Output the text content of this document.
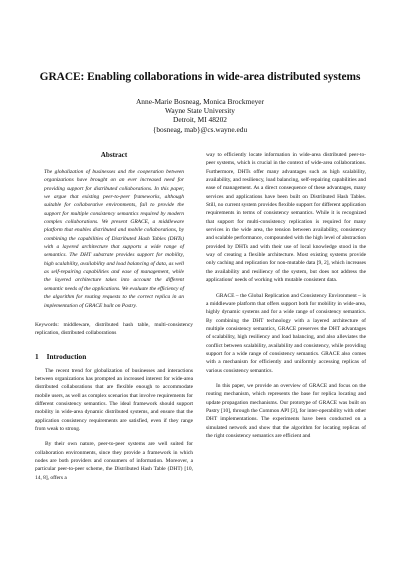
GRACE: Enabling collaborations in wide-area distributed systems
Anne-Marie Bosneag, Monica Brockmeyer
Wayne State University
Detroit, MI 48202
{bosneag, mab}@cs.wayne.edu
Abstract
The globalization of businesses and the cooperation between organizations have brought on an ever increased need for providing support for distributed collaborations. In this paper, we argue that existing peer-to-peer frameworks, although suitable for collaborative environments, fail to provide the support for multiple consistency semantics required by modern complex collaborations. We present GRACE, a middleware platform that enables distributed and mobile collaborations, by combining the capabilities of Distributed Hash Tables (DHTs) with a layered architecture that supports a wide range of semantics. The DHT substrate provides support for mobility, high scalability, availability and load balancing of data, as well as self-repairing capabilities and ease of management, while the layered architecture takes into account the different semantic needs of the applications. We evaluate the efficiency of the algorithm for routing requests to the correct replica in an implementation of GRACE built on Pastry.
Keywords: middleware, distributed hash table, multi-consistency replication, distributed collaborations
1 Introduction

The recent trend for globalization of businesses and interactions between organizations has prompted an increased interest for wide-area distributed collaborations that are flexible enough to accommodate mobile users, as well as complex scenarios that involve requirements for different consistency semantics. The ideal framework should support mobility in wide-area dynamic distributed systems, and ensure that the application consistency requirements are satisfied, even if they range from weak to strong.

By their own nature, peer-to-peer systems are well suited for collaboration environments, since they provide a framework in which nodes are both providers and consumers of information. Moreover, a particular peer-to-peer scheme, the Distributed Hash Table (DHT) [10, 14, 8], offers a

way to efficiently locate information in wide-area distributed peer-to-peer systems, which is crucial in the context of wide-area collaborations. Furthermore, DHTs offer many advantages such as high scalability, availability, and resiliency, load balancing, self-repairing capabilities and ease of management. As a direct consequence of these advantages, many services and applications have been built on Distributed Hash Tables. Still, no current system provides flexible support for different application requirements in terms of consistency semantics. While it is recognized that support for multi-consistency replication is required for many services in the wide area, the tension between availability, consistency and scalable performance, compounded with the high level of abstraction provided by DHTs and with their use of local knowledge stood in the way of creating a flexible architecture. Most existing systems provide only caching and replication for non-mutable data [9, 2], which increases the availability and resiliency of the system, but does not address the applications' needs of working with mutable consistent data.

GRACE – the Global Replication and Consistency Environment – is a middleware platform that offers support both for mobility in wide-area, highly dynamic systems and for a wide range of consistency semantics. By combining the DHT technology with a layered architecture of multiple consistency semantics, GRACE preserves the DHT advantages of scalability, high resiliency and load balancing, and also alleviates the conflict between scalability, availability and consistency, while providing support for a wide range of consistency semantics. GRACE also comes with a mechanism for efficiently and uniformly accessing replicas of various consistency semantics.

In this paper, we provide an overview of GRACE and focus on the routing mechanism, which represents the base for replica locating and update propagation mechanisms. Our prototype of GRACE was built on Pastry [10], through the Common API [3], for inter-operability with other DHT implementations. The experiments have been conducted on a simulated network and show that the algorithm for locating replicas of the right consistency semantics are efficient and
